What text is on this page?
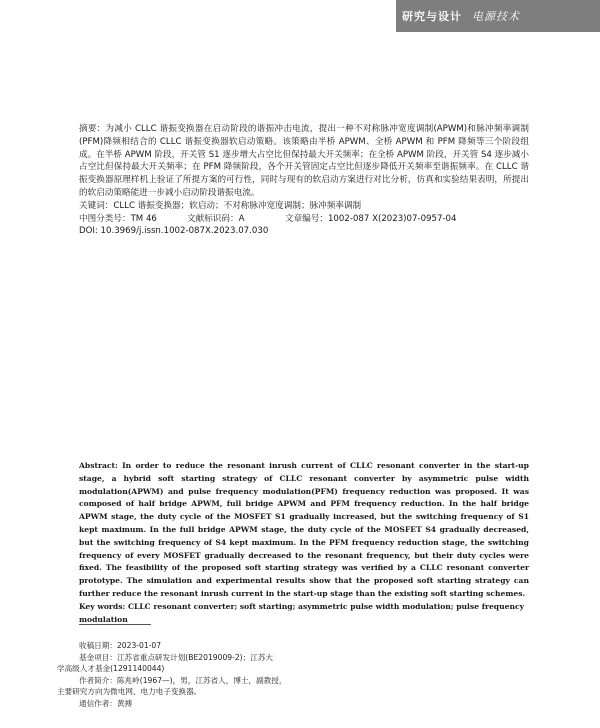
研究与设计 电源技术

摘要：为减小 CLLC 谐振变换器在启动阶段的谐振冲击电流，提出一种不对称脉冲宽度调制(APWM)和脉冲频率调制(PFM)降频相结合的 CLLC 谐振变换器软启动策略。该策略由半桥 APWM、全桥 APWM 和 PFM 降频等三个阶段组成。在半桥 APWM 阶段，开关管 S1 逐步增大占空比但保持最大开关频率；在全桥 APWM 阶段，开关管 S4 逐步减小占空比但保持最大开关频率；在 PFM 降频阶段，各个开关管固定占空比但逐步降低开关频率至谐振频率。在 CLLC 谐振变换器原理样机上验证了所提方案的可行性，同时与现有的软启动方案进行对比分析，仿真和实验结果表明，所提出的软启动策略能进一步减小启动阶段谐振电流。

关键词：CLLC 谐振变换器；软启动；不对称脉冲宽度调制；脉冲频率调制

中图分类号：TM 46	文献标识码：A	文章编号：1002-087 X(2023)07-0957-04

DOI: 10.3969/j.issn.1002-087X.2023.07.030

Abstract: In order to reduce the resonant inrush current of CLLC resonant converter in the start-up stage, a hybrid soft starting strategy of CLLC resonant converter by asymmetric pulse width modulation(APWM) and pulse frequency modulation(PFM) frequency reduction was proposed. It was composed of half bridge APWM, full bridge APWM and PFM frequency reduction. In the half bridge APWM stage, the duty cycle of the MOSFET S1 gradually increased, but the switching frequency of S1 kept maximum. In the full bridge APWM stage, the duty cycle of the MOSFET S4 gradually decreased, but the switching frequency of S4 kept maximum. In the PFM frequency reduction stage, the switching frequency of every MOSFET gradually decreased to the resonant frequency, but their duty cycles were fixed. The feasibility of the proposed soft starting strategy was verified by a CLLC resonant converter prototype. The simulation and experimental results show that the proposed soft starting strategy can further reduce the resonant inrush current in the start-up stage than the existing soft starting schemes.

Key words: CLLC resonant converter; soft starting; asymmetric pulse width modulation; pulse frequency modulation

收稿日期：2023-01-07

基金项目：江苏省重点研发计划(BE2019009-2)；江苏大

学高级人才基金(1291140044)

作者简介：陈兆岭(1967—)，男，江苏省人，博士，副教授，

主要研究方向为微电网、电力电子变换器。

通信作者：黄搏
